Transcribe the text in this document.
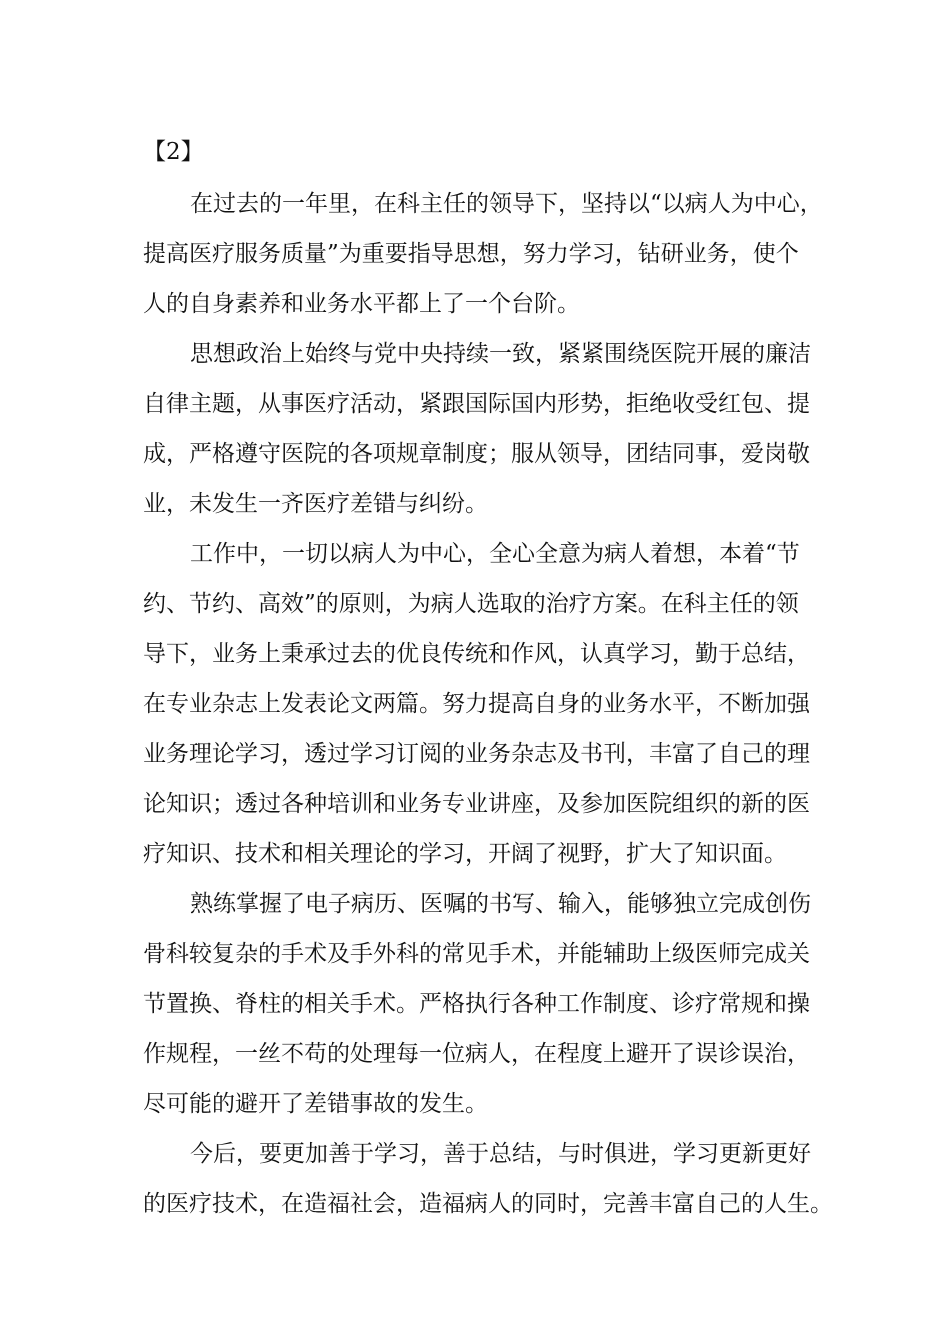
【2】
在过去的一年里，在科主任的领导下，坚持以“以病人为中心，
提高医疗服务质量”为重要指导思想，努力学习，钻研业务，使个
人的自身素养和业务水平都上了一个台阶。
思想政治上始终与党中央持续一致，紧紧围绕医院开展的廉洁
自律主题，从事医疗活动，紧跟国际国内形势，拒绝收受红包、提
成，严格遵守医院的各项规章制度；服从领导，团结同事，爱岗敬
业，未发生一齐医疗差错与纠纷。
工作中，一切以病人为中心，全心全意为病人着想，本着“节
约、节约、高效”的原则，为病人选取的治疗方案。在科主任的领
导下，业务上秉承过去的优良传统和作风，认真学习，勤于总结，
在专业杂志上发表论文两篇。努力提高自身的业务水平，不断加强
业务理论学习，透过学习订阅的业务杂志及书刊，丰富了自己的理
论知识；透过各种培训和业务专业讲座，及参加医院组织的新的医
疗知识、技术和相关理论的学习，开阔了视野，扩大了知识面。
熟练掌握了电子病历、医嘱的书写、输入，能够独立完成创伤
骨科较复杂的手术及手外科的常见手术，并能辅助上级医师完成关
节置换、脊柱的相关手术。严格执行各种工作制度、诊疗常规和操
作规程，一丝不苟的处理每一位病人，在程度上避开了误诊误治，
尽可能的避开了差错事故的发生。
今后，要更加善于学习，善于总结，与时俱进，学习更新更好
的医疗技术，在造福社会，造福病人的同时，完善丰富自己的人生。
